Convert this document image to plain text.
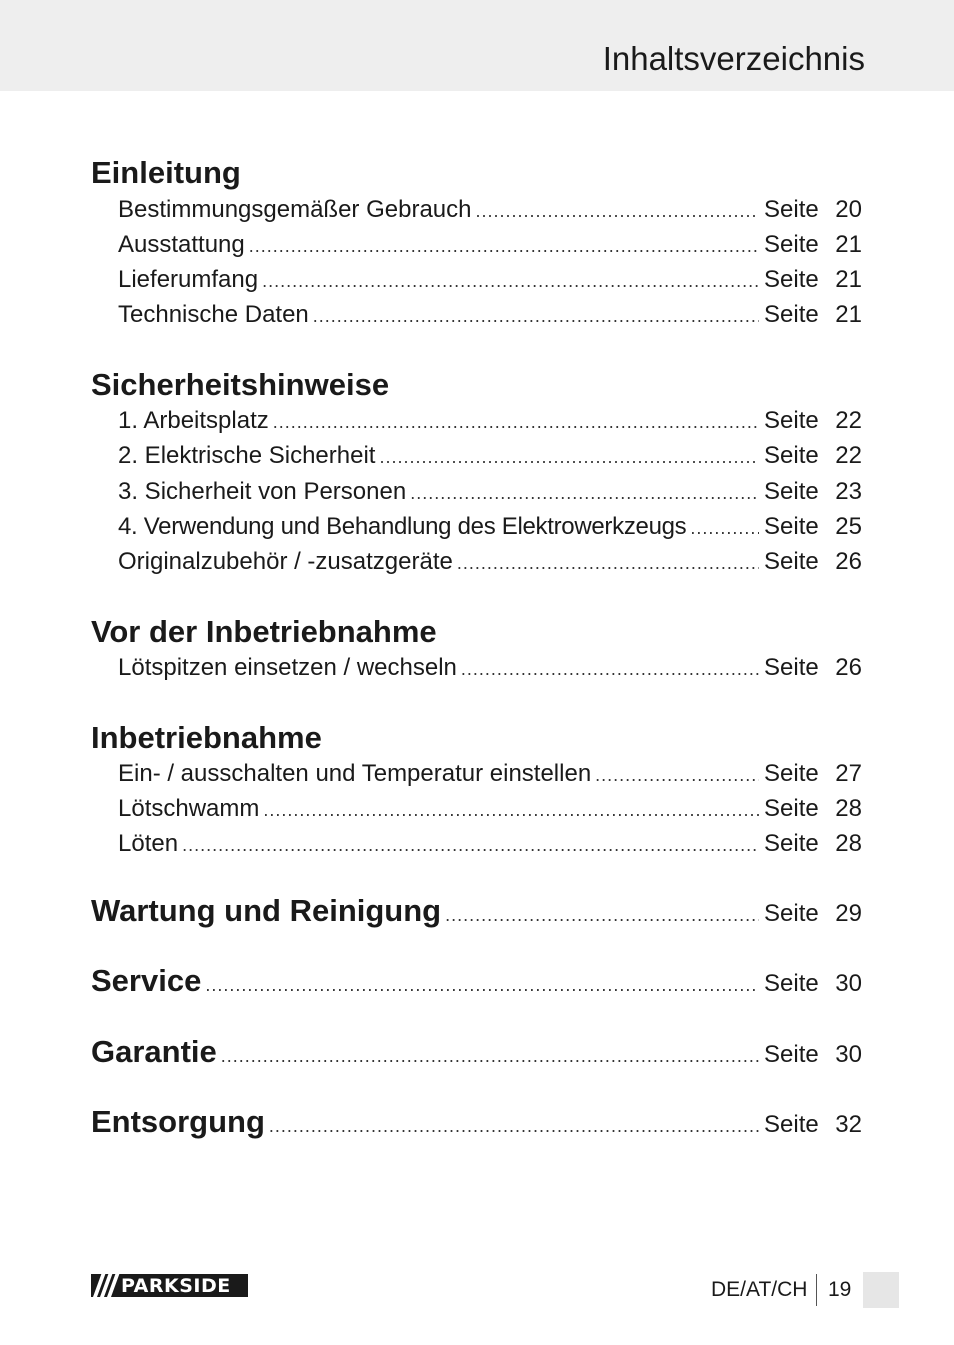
Inhaltsverzeichnis
Einleitung
Bestimmungsgemäßer Gebrauch .....	Seite 20
Ausstattung .....	Seite 21
Lieferumfang .....	Seite 21
Technische Daten .....	Seite 21
Sicherheitshinweise
1. Arbeitsplatz .....	Seite 22
2. Elektrische Sicherheit .....	Seite 22
3. Sicherheit von Personen .....	Seite 23
4. Verwendung und Behandlung des Elektrowerkzeugs .....	Seite 25
Originalzubehör / -zusatzgeräte .....	Seite 26
Vor der Inbetriebnahme
Lötspitzen einsetzen / wechseln .....	Seite 26
Inbetriebnahme
Ein- / ausschalten und Temperatur einstellen .....	Seite 27
Lötschwamm .....	Seite 28
Löten .....	Seite 28
Wartung und Reinigung .....	Seite 29
Service .....	Seite 30
Garantie .....	Seite 30
Entsorgung .....	Seite 32
PARKSIDE	DE/AT/CH 19
